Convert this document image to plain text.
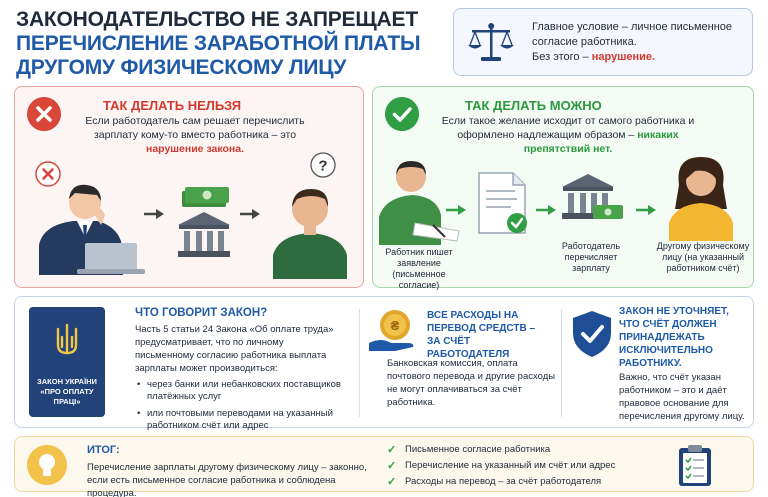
ЗАКОНОДАТЕЛЬСТВО НЕ ЗАПРЕЩАЕТ
ПЕРЕЧИСЛЕНИЕ ЗАРАБОТНОЙ ПЛАТЫ
ДРУГОМУ ФИЗИЧЕСКОМУ ЛИЦУ
Главное условие – личное письменное согласие работника.
Без этого – нарушение.
ТАК ДЕЛАТЬ НЕЛЬЗЯ
Если работодатель сам решает перечислить зарплату кому-то вместо работника – это нарушение закона.
?
ТАК ДЕЛАТЬ МОЖНО
Если такое желание исходит от самого работника и оформлено надлежащим образом – никаких препятствий нет.
Работник пишет заявление (письменное согласие)
Работодатель перечисляет зарплату
Другому физическому лицу (на указанный работником счёт)
ЗАКОН УКРАЇНИ «ПРО ОПЛАТУ ПРАЦІ»
ЧТО ГОВОРИТ ЗАКОН?
Часть 5 статьи 24 Закона «Об оплате труда» предусматривает, что по личному письменному согласию работника выплата зарплаты может производиться:
• через банки или небанковских поставщиков платёжных услуг
• или почтовыми переводами на указанный работником счёт или адрес
₴
ВСЕ РАСХОДЫ НА ПЕРЕВОД СРЕДСТВ – ЗА СЧЁТ РАБОТОДАТЕЛЯ
Банковская комиссия, оплата почтового перевода и другие расходы не могут оплачиваться за счёт работника.
ЗАКОН НЕ УТОЧНЯЕТ, ЧТО СЧЁТ ДОЛЖЕН ПРИНАДЛЕЖАТЬ ИСКЛЮЧИТЕЛЬНО РАБОТНИКУ.
Важно, что счёт указан работником – это и даёт правовое основание для перечисления другому лицу.
ИТОГ:
Перечисление зарплаты другому физическому лицу – законно, если есть письменное согласие работника и соблюдена процедура.
✓ Письменное согласие работника
✓ Перечисление на указанный им счёт или адрес
✓ Расходы на перевод – за счёт работодателя
